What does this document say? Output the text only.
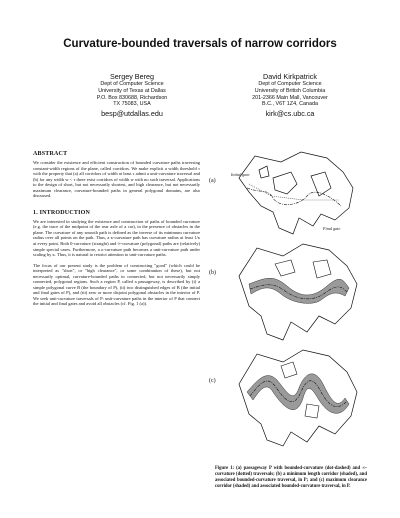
Curvature-bounded traversals of narrow corridors
Sergey Bereg
Dept of Computer Science
University of Texas at Dallas
P.O. Box 830688, Richardson
TX 75083, USA
besp@utdallas.edu
David Kirkpatrick
Dept of Computer Science
University of British Columbia
201-2366 Main Mall, Vancouver
B.C., V6T 1Z4, Canada
kirk@cs.ubc.ca
ABSTRACT

We consider the existence and efficient construction of bounded curvature paths traversing constant-width regions of the plane, called corridors. We make explicit a width threshold τ with the property that (a) all corridors of width at least τ admit a unit-curvature traversal and (b) for any width w < τ there exist corridors of width w with no such traversal. Applications to the design of short, but not necessarily shortest, and high clearance, but not necessarily maximum clearance, curvature-bounded paths in general polygonal domains, are also discussed.

1. INTRODUCTION

We are interested in studying the existence and construction of paths of bounded curvature (e.g. the trace of the midpoint of the rear axle of a car), in the presence of obstacles in the plane. The curvature of any smooth path is defined as the inverse of its minimum curvature radius over all points on the path. Thus, a κ-curvature path has curvature radius at least 1/κ at every point. Both 0-curvature (straight) and ∞-curvature (polygonal) paths are (relatively) simple special cases. Furthermore, a κ-curvature path becomes a unit-curvature path under scaling by κ. Thus, it is natural to restrict attention to unit-curvature paths.

The focus of our present study is the problem of constructing "good" (which could be interpreted as "short", or "high clearance", or some combination of these), but not necessarily optimal, curvature-bounded paths in connected, but not necessarily simply connected, polygonal regions. Such a region P, called a passageway, is described by (i) a simple polygonal curve B (the boundary of P), (ii) two distinguished edges of B (the initial and final gates of P), and (iii) zero or more disjoint polygonal obstacles in the interior of P. We seek unit-curvature traversals of P: unit-curvature paths in the interior of P that connect the initial and final gates and avoid all obstacles (cf. Fig. 1 (a)).

(a)
(b)
(c)
Initial gate
Final gate
Figure 1: (a) passageway P with bounded-curvature (dot-dashed) and ∞-curvature (dotted) traversals; (b) a minimum length corridor (shaded), and associated bounded-curvature traversal, in P; and (c) maximum clearance corridor (shaded) and associated bounded-curvature traversal, in P.
